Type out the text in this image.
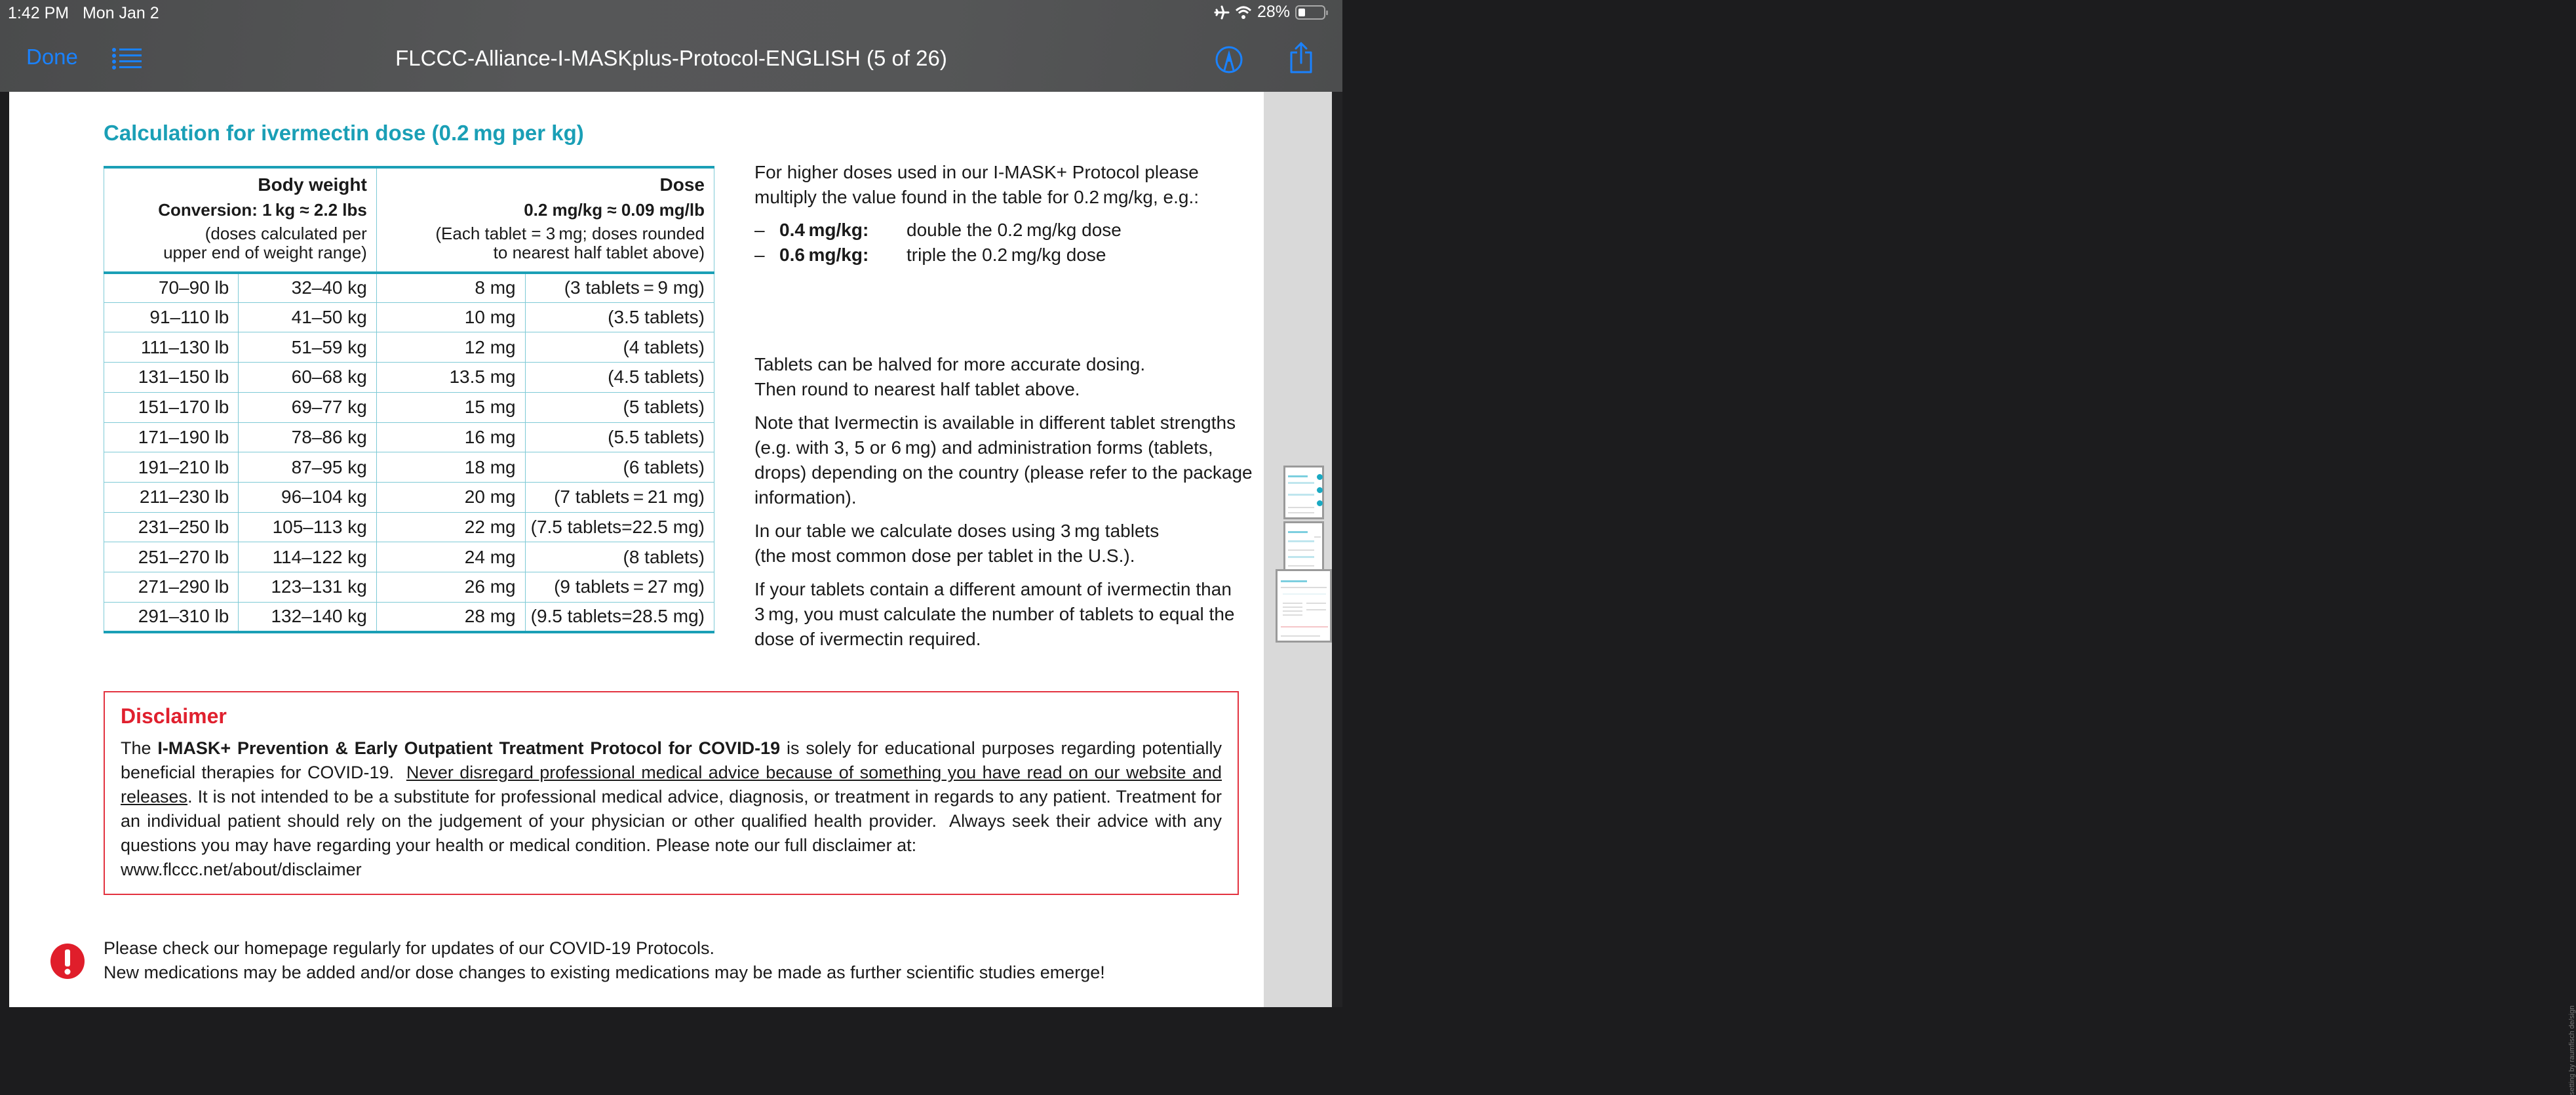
1:42 PM Mon Jan 2	28%
Done	FLCCC-Alliance-I-MASKplus-Protocol-ENGLISH (5 of 26)
Calculation for ivermectin dose (0.2 mg per kg)
Body weight
Conversion: 1 kg ≈ 2.2 lbs
(doses calculated per
upper end of weight range)		Dose
0.2 mg/kg ≈ 0.09 mg/lb
(Each tablet = 3 mg; doses rounded
to nearest half tablet above)	

70–90 lb	32–40 kg	8 mg	(3 tablets = 9 mg)
91–110 lb	41–50 kg	10 mg	(3.5 tablets)
111–130 lb	51–59 kg	12 mg	(4 tablets)
131–150 lb	60–68 kg	13.5 mg	(4.5 tablets)
151–170 lb	69–77 kg	15 mg	(5 tablets)
171–190 lb	78–86 kg	16 mg	(5.5 tablets)
191–210 lb	87–95 kg	18 mg	(6 tablets)
211–230 lb	96–104 kg	20 mg	(7 tablets = 21 mg)
231–250 lb	105–113 kg	22 mg	(7.5 tablets=22.5 mg)
251–270 lb	114–122 kg	24 mg	(8 tablets)
271–290 lb	123–131 kg	26 mg	(9 tablets = 27 mg)
291–310 lb	132–140 kg	28 mg	(9.5 tablets=28.5 mg)

For higher doses used in our I-MASK+ Protocol please

multiply the value found in the table for 0.2 mg/kg, e.g.:

– 0.4 mg/kg:	double the 0.2 mg/kg dose
– 0.6 mg/kg:	triple the 0.2 mg/kg dose

Tablets can be halved for more accurate dosing.
Then round to nearest half tablet above.

Note that Ivermectin is available in different tablet strengths (e.g. with 3, 5 or 6 mg) and administration forms (tablets, drops) depending on the country (please refer to the package information).

In our table we calculate doses using 3 mg tablets
(the most common dose per tablet in the U.S.).

If your tablets contain a different amount of ivermectin than 3 mg, you must calculate the number of tablets to equal the dose of ivermectin required.

Disclaimer
The I-MASK+ Prevention & Early Outpatient Treatment Protocol for COVID-19 is solely for educational purposes regarding potentially beneficial therapies for COVID-19.  Never disregard professional medical advice because of something you have read on our website and releases. It is not intended to be a substitute for professional medical advice, diagnosis, or treatment in regards to any patient. Treatment for an individual patient should rely on the judgement of your physician or other qualified health provider.  Always seek their advice with any questions you may have regarding your health or medical condition. Please note our full disclaimer at:
www.flccc.net/about/disclaimer
Please check our homepage regularly for updates of our COVID-19 Protocols.
New medications may be added and/or dose changes to existing medications may be made as further scientific studies emerge!
setting by raumfisch de/sign
